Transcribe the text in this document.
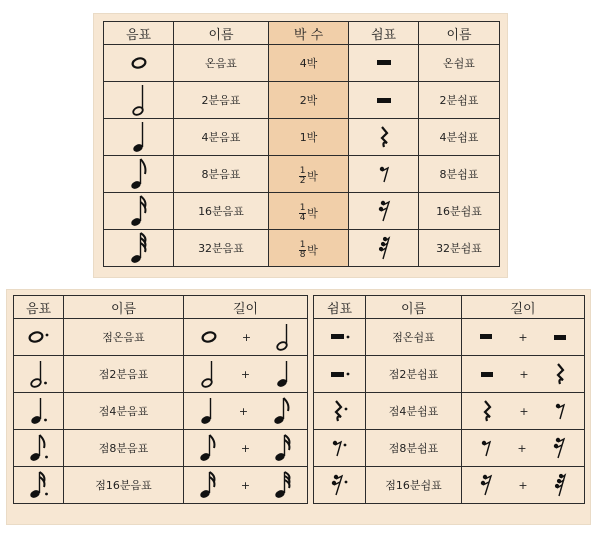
음표	이름	박 수	쉼표	이름

	온음표	4박		온쉼표

	2분음표	2박		2분쉼표

	4분음표	1박		4분쉼표

	8분음표	$\frac{1}{2}$ 박		8분쉼표

	16분음표	$\frac{1}{4}$ 박		16분쉼표

	32분음표	$\frac{1}{8}$ 박		32분쉼표
음표	이름	길이		쉼표	이름	길이

	점온음표	+			점온쉼표	+

	점2분음표	+			점2분쉼표	+

	점4분음표	+			점4분쉼표	+

	점8분음표	+			점8분쉼표	+

	점16분음표	+			점16분쉼표	+
